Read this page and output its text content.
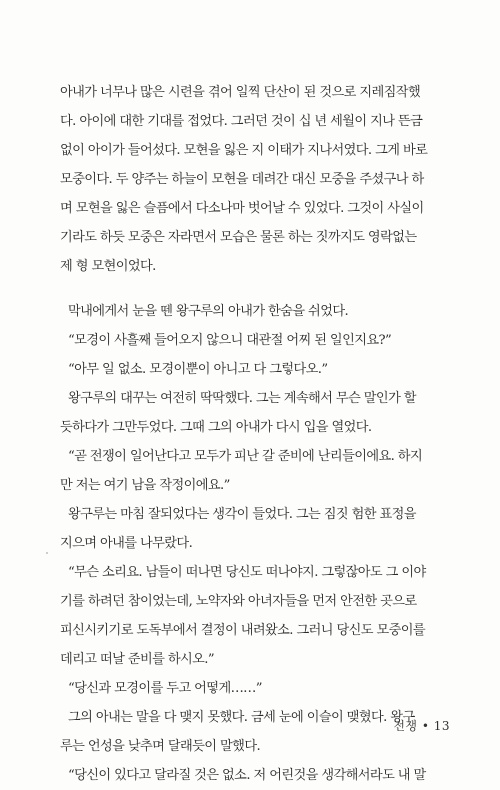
아내가 너무나 많은 시련을 겪어 일찍 단산이 된 것으로 지레짐작했
다. 아이에 대한 기대를 접었다. 그러던 것이 십 년 세월이 지나 뜬금
없이 아이가 들어섰다. 모현을 잃은 지 이태가 지나서였다. 그게 바로
모중이다. 두 양주는 하늘이 모현을 데려간 대신 모중을 주셨구나 하
며 모현을 잃은 슬픔에서 다소나마 벗어날 수 있었다. 그것이 사실이
기라도 하듯 모중은 자라면서 모습은 물론 하는 짓까지도 영락없는
제 형 모현이었다.
막내에게서 눈을 뗀 왕구루의 아내가 한숨을 쉬었다.
“모경이 사흘째 들어오지 않으니 대관절 어찌 된 일인지요?”
“아무 일 없소. 모경이뿐이 아니고 다 그렇다오.”
왕구루의 대꾸는 여전히 딱딱했다. 그는 계속해서 무슨 말인가 할
듯하다가 그만두었다. 그때 그의 아내가 다시 입을 열었다.
“곧 전쟁이 일어난다고 모두가 피난 갈 준비에 난리들이에요. 하지
만 저는 여기 남을 작정이에요.”
왕구루는 마침 잘되었다는 생각이 들었다. 그는 짐짓 험한 표정을
지으며 아내를 나무랐다.
“무슨 소리요. 남들이 떠나면 당신도 떠나야지. 그렇잖아도 그 이야
기를 하려던 참이었는데, 노약자와 아녀자들을 먼저 안전한 곳으로
피신시키기로 도독부에서 결정이 내려왔소. 그러니 당신도 모중이를
데리고 떠날 준비를 하시오.”
“당신과 모경이를 두고 어떻게……”
그의 아내는 말을 다 맺지 못했다. 금세 눈에 이슬이 맺혔다. 왕구
루는 언성을 낮추며 달래듯이 말했다.
“당신이 있다고 달라질 것은 없소. 저 어린것을 생각해서라도 내 말
전쟁 • 13
